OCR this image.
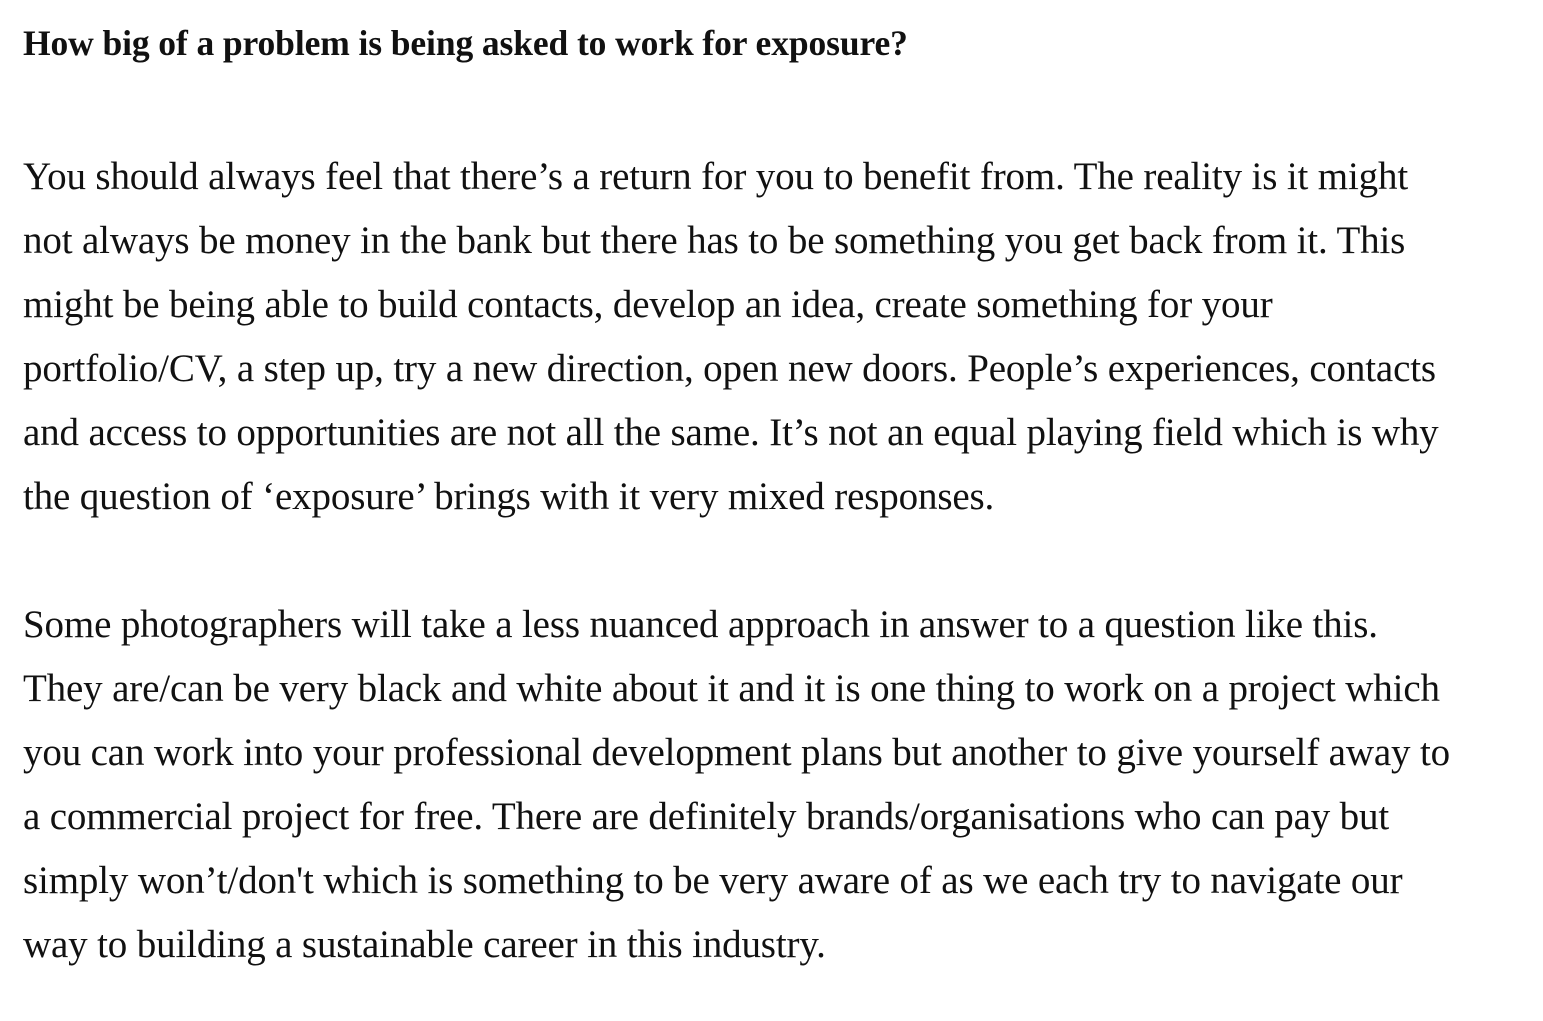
How big of a problem is being asked to work for exposure?

You should always feel that there’s a return for you to benefit from. The reality is it might
not always be money in the bank but there has to be something you get back from it. This
might be being able to build contacts, develop an idea, create something for your
portfolio/CV, a step up, try a new direction, open new doors. People’s experiences, contacts
and access to opportunities are not all the same. It’s not an equal playing field which is why
the question of ‘exposure’ brings with it very mixed responses.

Some photographers will take a less nuanced approach in answer to a question like this.
They are/can be very black and white about it and it is one thing to work on a project which
you can work into your professional development plans but another to give yourself away to
a commercial project for free. There are definitely brands/organisations who can pay but
simply won’t/don't which is something to be very aware of as we each try to navigate our
way to building a sustainable career in this industry.
